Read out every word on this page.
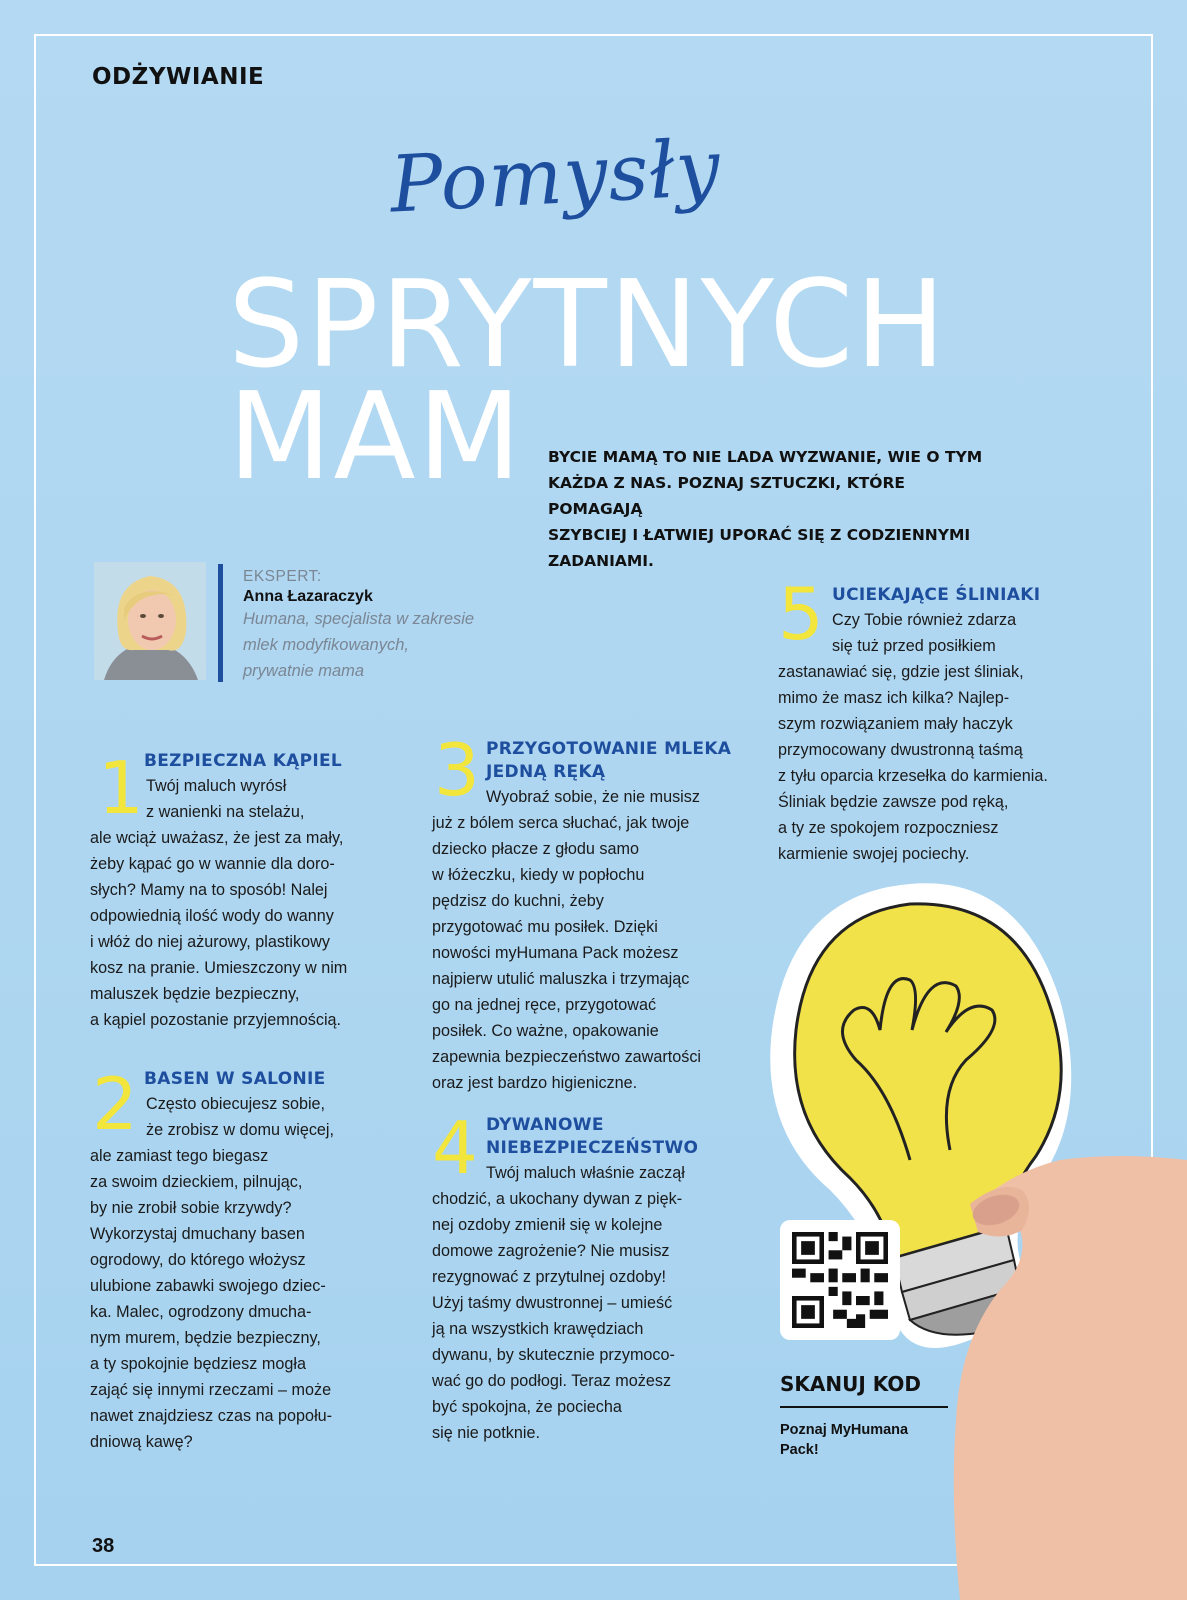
ODŻYWIANIE
Pomysły
SPRYTNYCH
MAM	BYCIE MAMĄ TO NIE LADA WYZWANIE, WIE O TYM
KAŻDA Z NAS. POZNAJ SZTUCZKI, KTÓRE POMAGAJĄ
SZYBCIEJ I ŁATWIEJ UPORAĆ SIĘ Z CODZIENNYMI
ZADANIAMI.
EKSPERT:
Anna Łazaraczyk
Humana, specjalista w zakresie
mlek modyfikowanych,
prywatnie mama
1 BEZPIECZNA KĄPIEL
Twój maluch wyrósł
z wanienki na stelażu,
ale wciąż uważasz, że jest za mały,
żeby kąpać go w wannie dla doro-
słych? Mamy na to sposób! Nalej
odpowiednią ilość wody do wanny
i włóż do niej ażurowy, plastikowy
kosz na pranie. Umieszczony w nim
maluszek będzie bezpieczny,
a kąpiel pozostanie przyjemnością.
2 BASEN W SALONIE
Często obiecujesz sobie,
że zrobisz w domu więcej,
ale zamiast tego biegasz
za swoim dzieckiem, pilnując,
by nie zrobił sobie krzywdy?
Wykorzystaj dmuchany basen
ogrodowy, do którego włożysz
ulubione zabawki swojego dziec-
ka. Malec, ogrodzony dmucha-
nym murem, będzie bezpieczny,
a ty spokojnie będziesz mogła
zająć się innymi rzeczami – może
nawet znajdziesz czas na popołu-
dniową kawę?
3 PRZYGOTOWANIE MLEKA
JEDNĄ RĘKĄ
Wyobraź sobie, że nie musisz
już z bólem serca słuchać, jak twoje
dziecko płacze z głodu samo
w łóżeczku, kiedy w popłochu
pędzisz do kuchni, żeby
przygotować mu posiłek. Dzięki
nowości myHumana Pack możesz
najpierw utulić maluszka i trzymając
go na jednej ręce, przygotować
posiłek. Co ważne, opakowanie
zapewnia bezpieczeństwo zawartości
oraz jest bardzo higieniczne.
4 DYWANOWE
NIEBEZPIECZEŃSTWO
Twój maluch właśnie zaczął
chodzić, a ukochany dywan z pięk-
nej ozdoby zmienił się w kolejne
domowe zagrożenie? Nie musisz
rezygnować z przytulnej ozdoby!
Użyj taśmy dwustronnej – umieść
ją na wszystkich krawędziach
dywanu, by skutecznie przymoco-
wać go do podłogi. Teraz możesz
być spokojna, że pociecha
się nie potknie.
5 UCIEKAJĄCE ŚLINIAKI
Czy Tobie również zdarza
się tuż przed posiłkiem
zastanawiać się, gdzie jest śliniak,
mimo że masz ich kilka? Najlep-
szym rozwiązaniem mały haczyk
przymocowany dwustronną taśmą
z tyłu oparcia krzesełka do karmienia.
Śliniak będzie zawsze pod ręką,
a ty ze spokojem rozpoczniesz
karmienie swojej pociechy.
SKANUJ KOD
Poznaj MyHumana Pack!
38
